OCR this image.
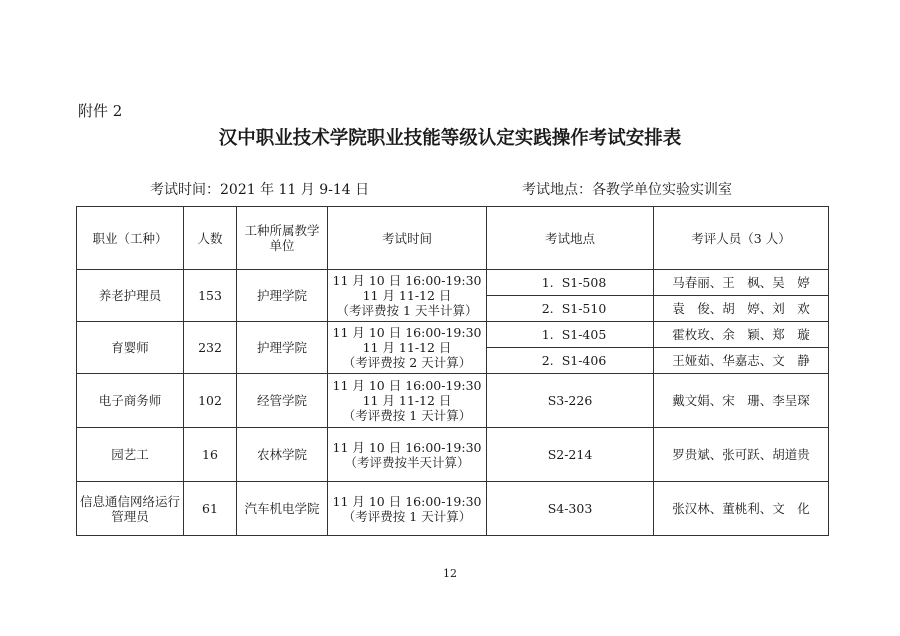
附件 2
汉中职业技术学院职业技能等级认定实践操作考试安排表
考试时间：2021 年 11 月 9-14 日	考试地点：各教学单位实验实训室
职业（工种）	人数	工种所属教学单位	考试时间	考试地点	考评人员（3 人）
养老护理员	153	护理学院	11 月 10 日 16:00-19:30
11 月 11-12 日
（考评费按 1 天半计算）	1. S1-508	马春丽、王　枫、吴　婷
				2. S1-510	袁　俊、胡　婷、刘　欢
育婴师	232	护理学院	11 月 10 日 16:00-19:30
11 月 11-12 日
（考评费按 2 天计算）	1. S1-405	霍枚玫、余　颖、郑　璇
				2. S1-406	王娅茹、华嘉志、文　静
电子商务师	102	经管学院	11 月 10 日 16:00-19:30
11 月 11-12 日
（考评费按 1 天计算）	S3-226	戴文娟、宋　珊、李呈琛
园艺工	16	农林学院	11 月 10 日 16:00-19:30
（考评费按半天计算）	S2-214	罗贵斌、张可跃、胡道贵
信息通信网络运行管理员	61	汽车机电学院	11 月 10 日 16:00-19:30
（考评费按 1 天计算）	S4-303	张汉林、董桃利、文　化
12
